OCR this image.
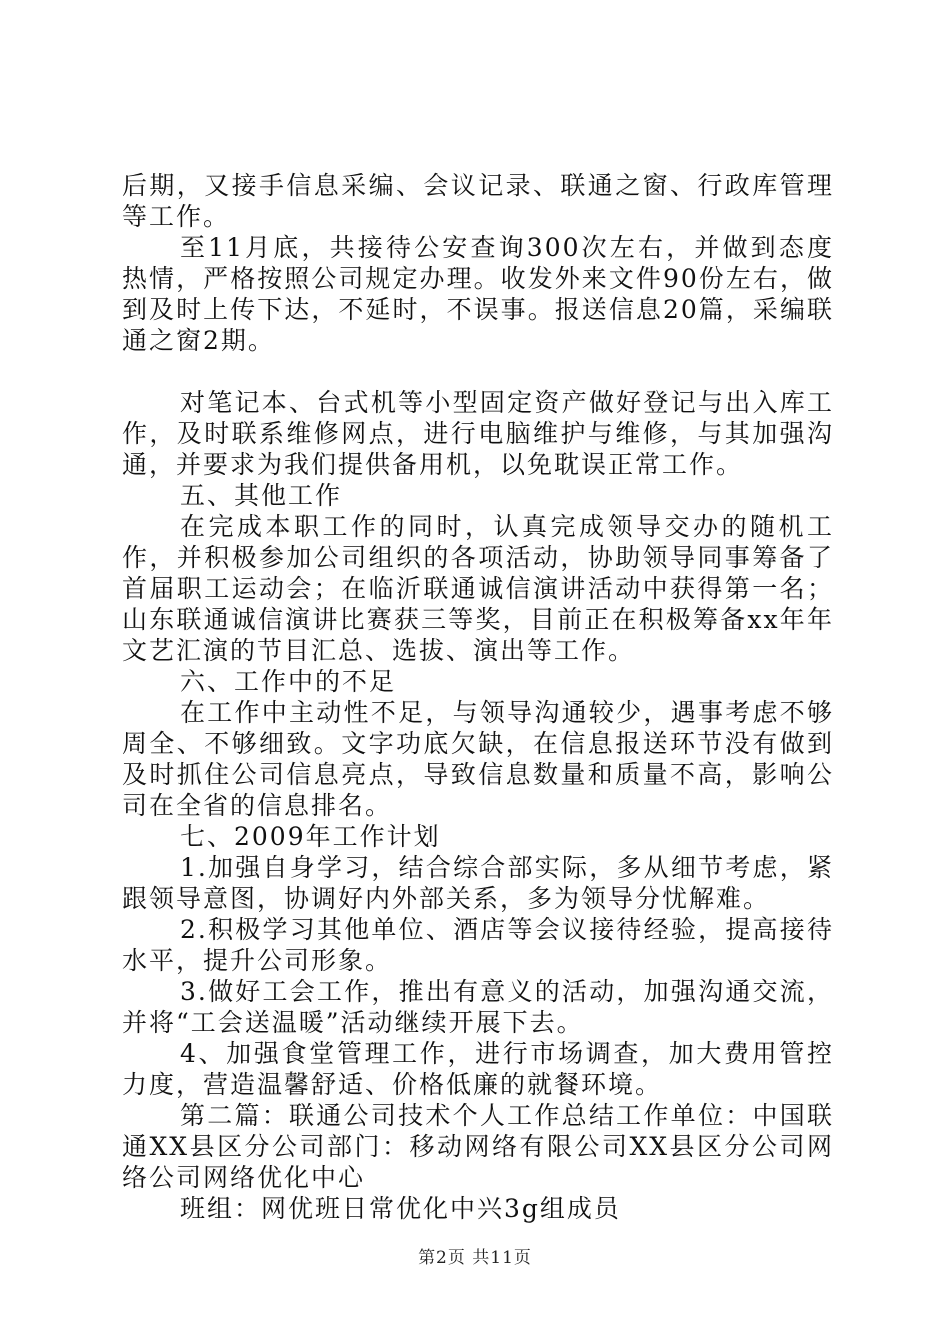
后期，又接手信息采编、会议记录、联通之窗、行政库管理等工作。

至11月底，共接待公安查询300次左右，并做到态度热情，严格按照公司规定办理。收发外来文件90份左右，做到及时上传下达，不延时，不误事。报送信息20篇，采编联通之窗2期。

对笔记本、台式机等小型固定资产做好登记与出入库工作，及时联系维修网点，进行电脑维护与维修，与其加强沟通，并要求为我们提供备用机，以免耽误正常工作。

五、其他工作

在完成本职工作的同时，认真完成领导交办的随机工作，并积极参加公司组织的各项活动，协助领导同事筹备了首届职工运动会；在临沂联通诚信演讲活动中获得第一名；山东联通诚信演讲比赛获三等奖，目前正在积极筹备xx年年文艺汇演的节目汇总、选拔、演出等工作。

六、工作中的不足

在工作中主动性不足，与领导沟通较少，遇事考虑不够周全、不够细致。文字功底欠缺，在信息报送环节没有做到及时抓住公司信息亮点，导致信息数量和质量不高，影响公司在全省的信息排名。

七、2009年工作计划

1.加强自身学习，结合综合部实际，多从细节考虑，紧跟领导意图，协调好内外部关系，多为领导分忧解难。

2.积极学习其他单位、酒店等会议接待经验，提高接待水平，提升公司形象。

3.做好工会工作，推出有意义的活动，加强沟通交流，并将“工会送温暖”活动继续开展下去。

4、加强食堂管理工作，进行市场调查，加大费用管控力度，营造温馨舒适、价格低廉的就餐环境。

第二篇：联通公司技术个人工作总结工作单位：中国联通XX县区分公司部门：移动网络有限公司XX县区分公司网络公司网络优化中心

班组：网优班日常优化中兴3g组成员

第2页 共11页
